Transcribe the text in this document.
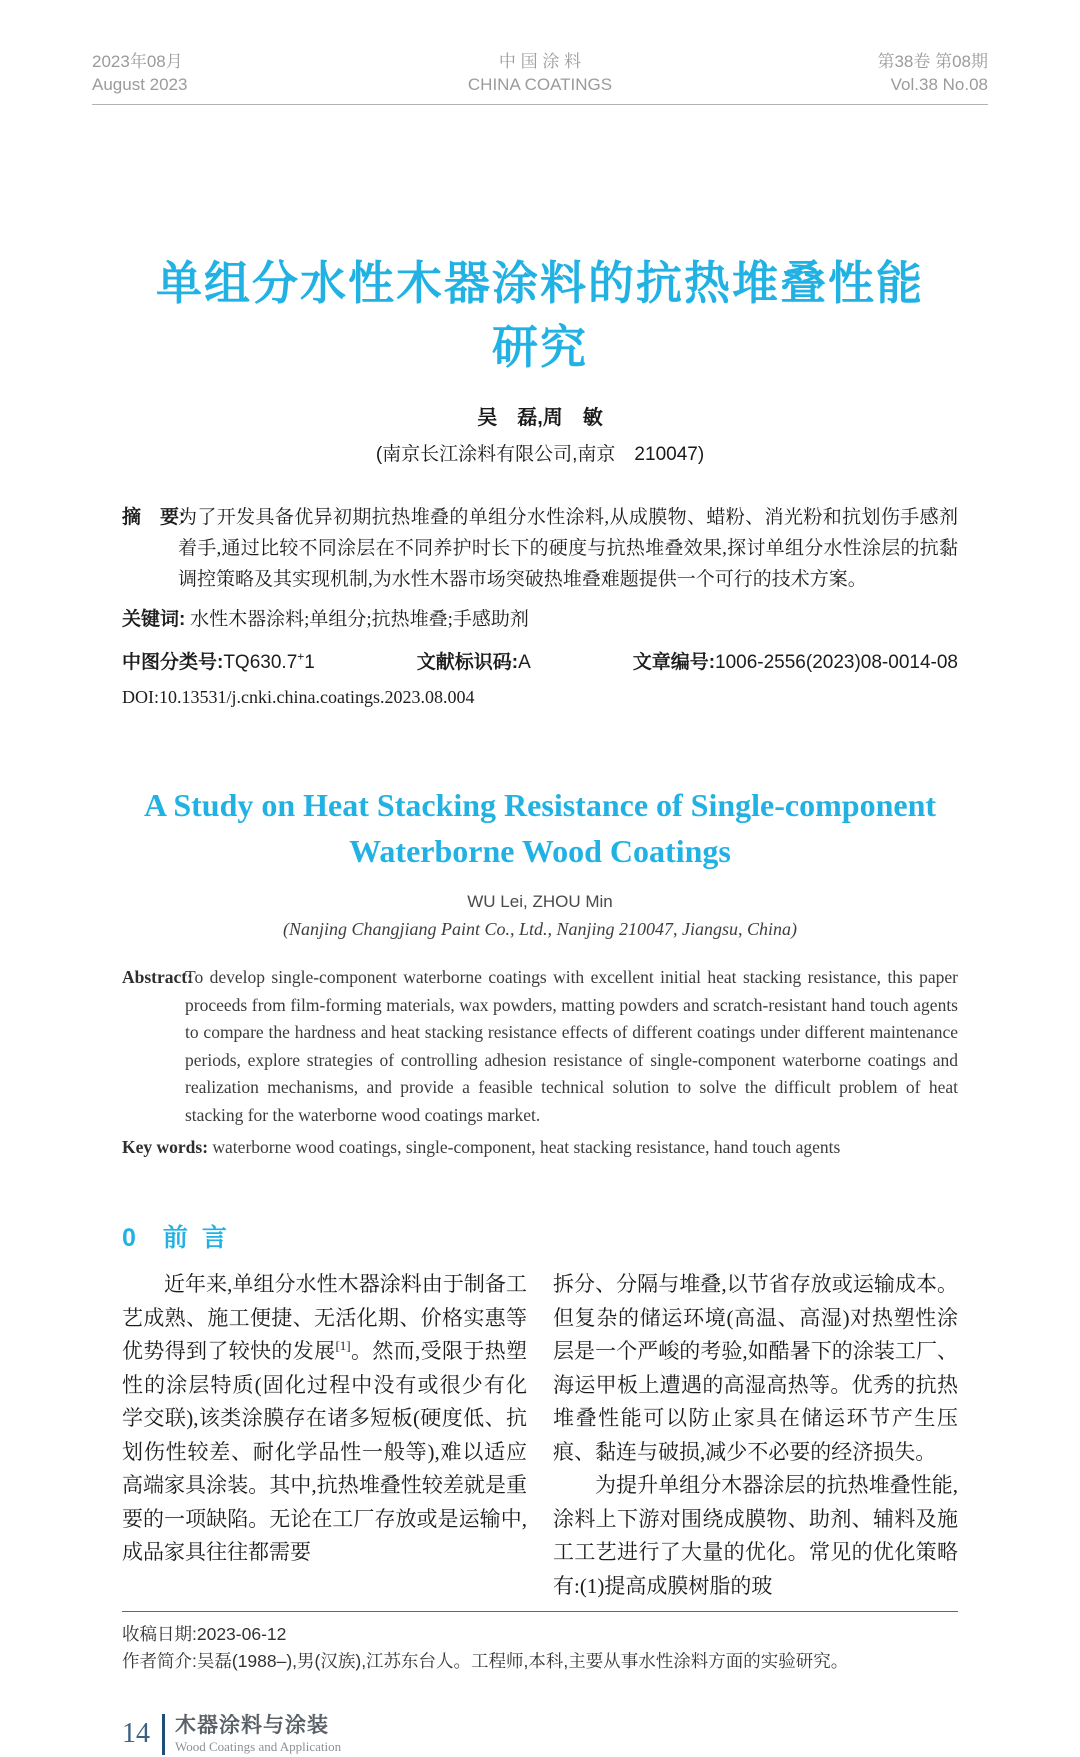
2023年08月
August 2023
中 国 涂 料
CHINA COATINGS
第38卷 第08期
Vol.38 No.08
单组分水性木器涂料的抗热堆叠性能
研究
吴　磊,周　敏
(南京长江涂料有限公司,南京　210047)
摘　要:
为了开发具备优异初期抗热堆叠的单组分水性涂料,从成膜物、蜡粉、消光粉和抗划伤手感剂着手,通过比较不同涂层在不同养护时长下的硬度与抗热堆叠效果,探讨单组分水性涂层的抗黏调控策略及其实现机制,为水性木器市场突破热堆叠难题提供一个可行的技术方案。
关键词: 水性木器涂料;单组分;抗热堆叠;手感助剂
中图分类号:TQ630.7+1	文献标识码:A	文章编号:1006-2556(2023)08-0014-08
DOI:10.13531/j.cnki.china.coatings.2023.08.004
A Study on Heat Stacking Resistance of Single-component
Waterborne Wood Coatings
WU Lei, ZHOU Min
(Nanjing Changjiang Paint Co., Ltd., Nanjing 210047, Jiangsu, China)
Abstract:
To develop single-component waterborne coatings with excellent initial heat stacking resistance, this paper proceeds from film-forming materials, wax powders, matting powders and scratch-resistant hand touch agents to compare the hardness and heat stacking resistance effects of different coatings under different maintenance periods, explore strategies of controlling adhesion resistance of single-component waterborne coatings and realization mechanisms, and provide a feasible technical solution to solve the difficult problem of heat stacking for the waterborne wood coatings market.
Key words: waterborne wood coatings, single-component, heat stacking resistance, hand touch agents
0 前言

近年来,单组分水性木器涂料由于制备工艺成熟、施工便捷、无活化期、价格实惠等优势得到了较快的发展[1]。然而,受限于热塑性的涂层特质(固化过程中没有或很少有化学交联),该类涂膜存在诸多短板(硬度低、抗划伤性较差、耐化学品性一般等),难以适应高端家具涂装。其中,抗热堆叠性较差就是重要的一项缺陷。无论在工厂存放或是运输中,成品家具往往都需要

拆分、分隔与堆叠,以节省存放或运输成本。但复杂的储运环境(高温、高湿)对热塑性涂层是一个严峻的考验,如酷暑下的涂装工厂、海运甲板上遭遇的高湿高热等。优秀的抗热堆叠性能可以防止家具在储运环节产生压痕、黏连与破损,减少不必要的经济损失。

为提升单组分木器涂层的抗热堆叠性能,涂料上下游对围绕成膜物、助剂、辅料及施工工艺进行了大量的优化。常见的优化策略有:(1)提高成膜树脂的玻

收稿日期:2023-06-12
作者简介:吴磊(1988–),男(汉族),江苏东台人。工程师,本科,主要从事水性涂料方面的实验研究。
14 木器涂料与涂装
Wood Coatings and Application
